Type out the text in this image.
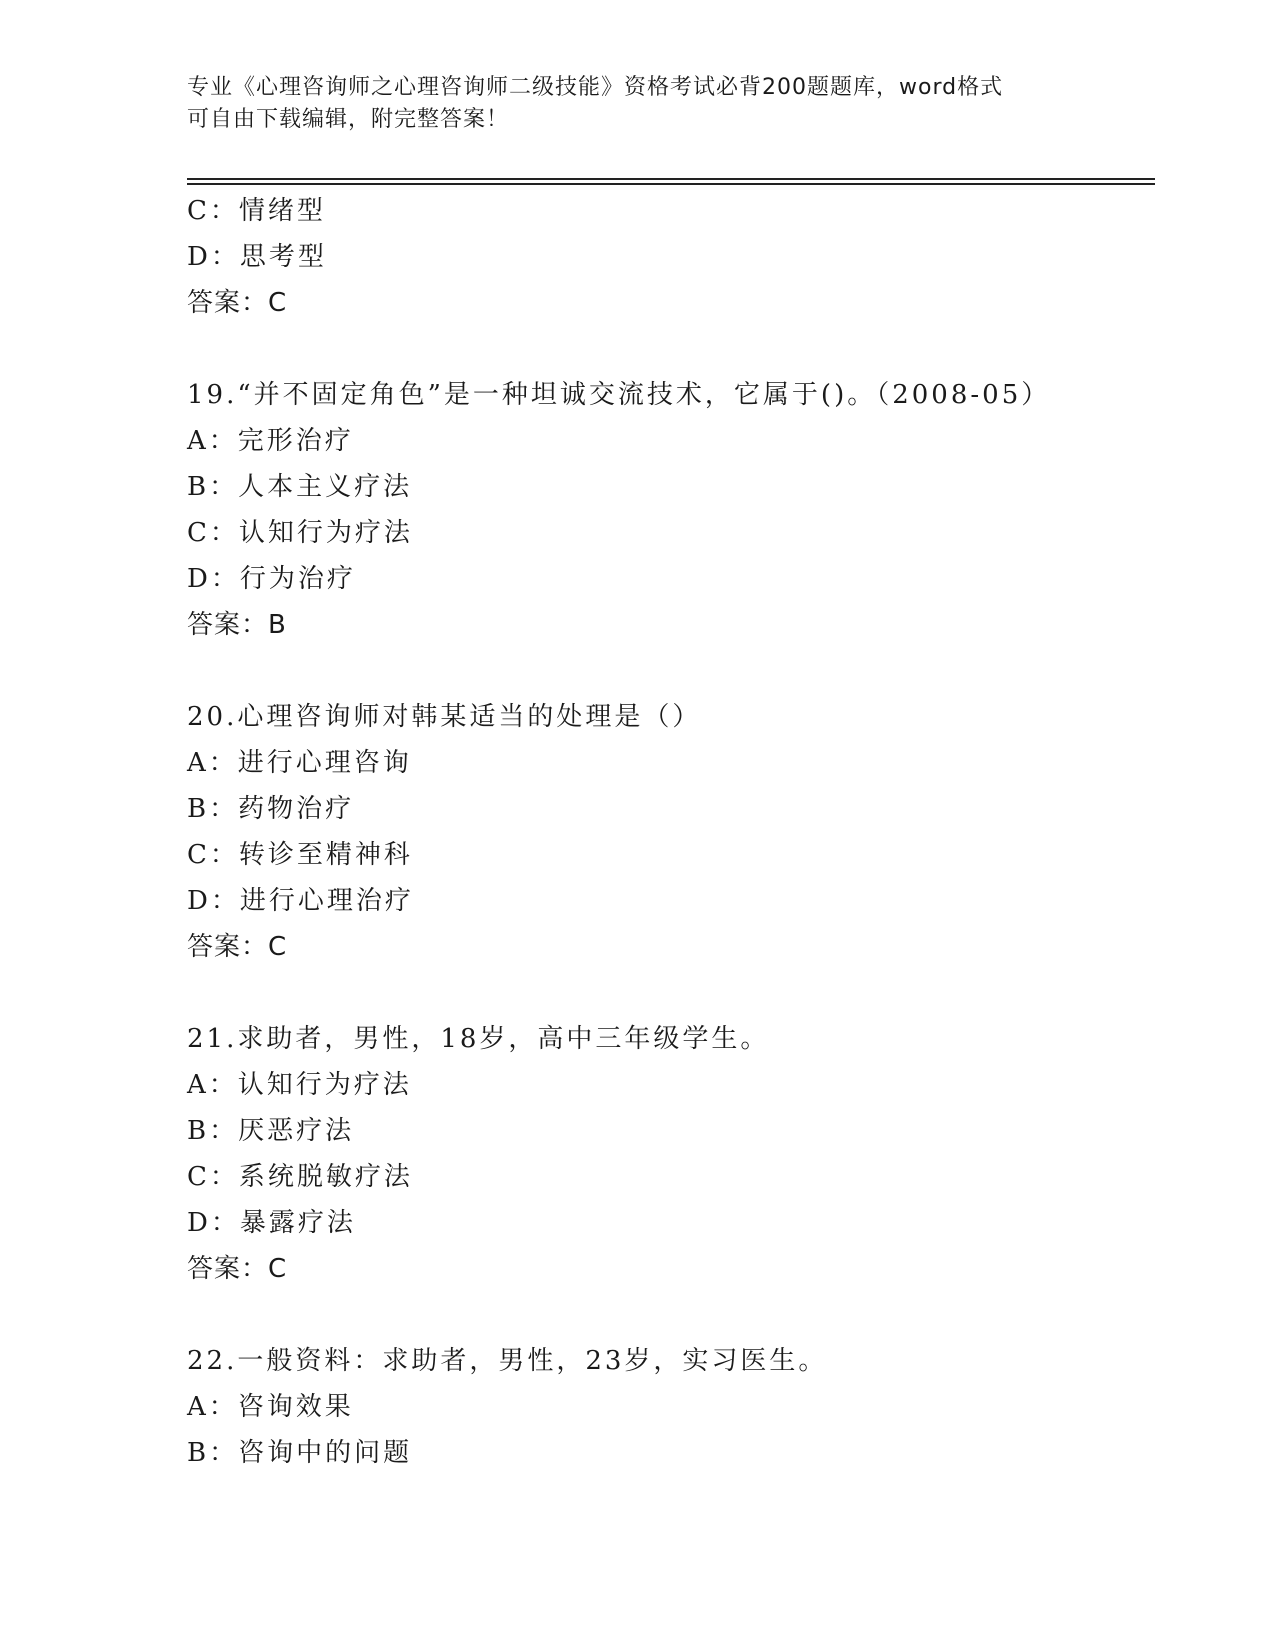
专业《心理咨询师之心理咨询师二级技能》资格考试必背200题题库，word格式
可自由下载编辑，附完整答案！
C：情绪型
D：思考型
答案：C
19.“并不固定角色”是一种坦诚交流技术，它属于()。（2008-05）
A：完形治疗
B：人本主义疗法
C：认知行为疗法
D：行为治疗
答案：B
20.心理咨询师对韩某适当的处理是（）
A：进行心理咨询
B：药物治疗
C：转诊至精神科
D：进行心理治疗
答案：C
21.求助者，男性，18岁，高中三年级学生。
A：认知行为疗法
B：厌恶疗法
C：系统脱敏疗法
D：暴露疗法
答案：C
22.一般资料：求助者，男性，23岁，实习医生。
A：咨询效果
B：咨询中的问题
